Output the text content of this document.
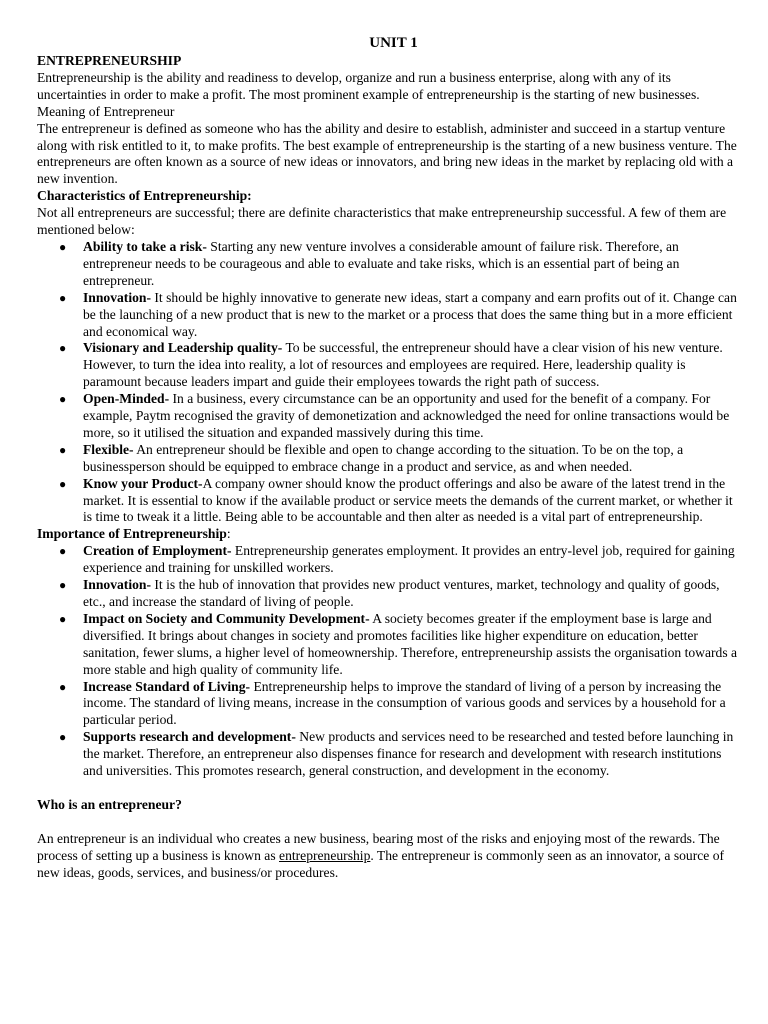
UNIT 1
ENTREPRENEURSHIP

Entrepreneurship is the ability and readiness to develop, organize and run a business enterprise, along with any of its uncertainties in order to make a profit. The most prominent example of entrepreneurship is the starting of new businesses.

Meaning of Entrepreneur

The entrepreneur is defined as someone who has the ability and desire to establish, administer and succeed in a startup venture along with risk entitled to it, to make profits. The best example of entrepreneurship is the starting of a new business venture. The entrepreneurs are often known as a source of new ideas or innovators, and bring new ideas in the market by replacing old with a new invention.

Characteristics of Entrepreneurship:

Not all entrepreneurs are successful; there are definite characteristics that make entrepreneurship successful. A few of them are mentioned below:

● Ability to take a risk- Starting any new venture involves a considerable amount of failure risk. Therefore, an entrepreneur needs to be courageous and able to evaluate and take risks, which is an essential part of being an entrepreneur.
● Innovation- It should be highly innovative to generate new ideas, start a company and earn profits out of it. Change can be the launching of a new product that is new to the market or a process that does the same thing but in a more efficient and economical way.
● Visionary and Leadership quality- To be successful, the entrepreneur should have a clear vision of his new venture. However, to turn the idea into reality, a lot of resources and employees are required. Here, leadership quality is paramount because leaders impart and guide their employees towards the right path of success.
● Open-Minded- In a business, every circumstance can be an opportunity and used for the benefit of a company. For example, Paytm recognised the gravity of demonetization and acknowledged the need for online transactions would be more, so it utilised the situation and expanded massively during this time.
● Flexible- An entrepreneur should be flexible and open to change according to the situation. To be on the top, a businessperson should be equipped to embrace change in a product and service, as and when needed.
● Know your Product-A company owner should know the product offerings and also be aware of the latest trend in the market. It is essential to know if the available product or service meets the demands of the current market, or whether it is time to tweak it a little. Being able to be accountable and then alter as needed is a vital part of entrepreneurship.
Importance of Entrepreneurship:
● Creation of Employment- Entrepreneurship generates employment. It provides an entry-level job, required for gaining experience and training for unskilled workers.
● Innovation- It is the hub of innovation that provides new product ventures, market, technology and quality of goods, etc., and increase the standard of living of people.
● Impact on Society and Community Development- A society becomes greater if the employment base is large and diversified. It brings about changes in society and promotes facilities like higher expenditure on education, better sanitation, fewer slums, a higher level of homeownership. Therefore, entrepreneurship assists the organisation towards a more stable and high quality of community life.
● Increase Standard of Living- Entrepreneurship helps to improve the standard of living of a person by increasing the income. The standard of living means, increase in the consumption of various goods and services by a household for a particular period.
● Supports research and development- New products and services need to be researched and tested before launching in the market. Therefore, an entrepreneur also dispenses finance for research and development with research institutions and universities. This promotes research, general construction, and development in the economy.
Who is an entrepreneur?

An entrepreneur is an individual who creates a new business, bearing most of the risks and enjoying most of the rewards. The process of setting up a business is known as entrepreneurship. The entrepreneur is commonly seen as an innovator, a source of new ideas, goods, services, and business/or procedures.
